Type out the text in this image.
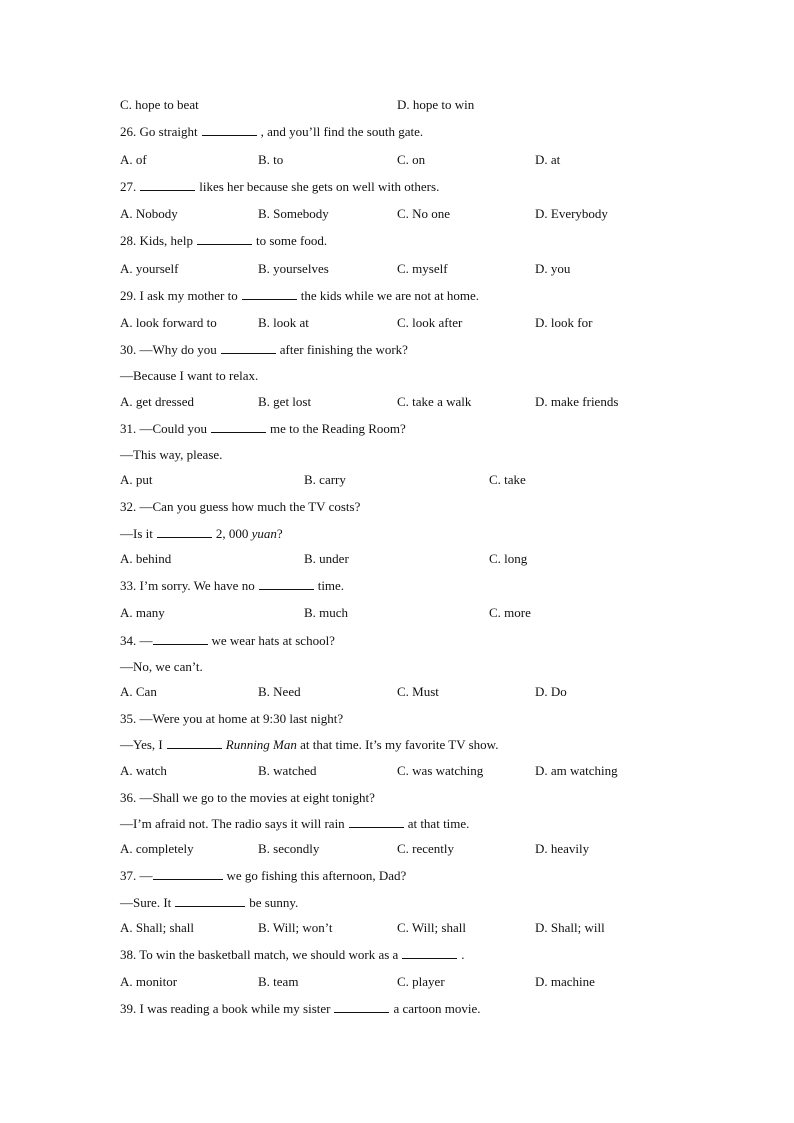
C. hope to beat	D. hope to win
26. Go straight	, and you’ll find the south gate.
A. of	B. to	C. on	D. at
27.	likes her because she gets on well with others.
A. Nobody	B. Somebody	C. No one	D. Everybody
28. Kids, help	to some food.
A. yourself	B. yourselves	C. myself	D. you
29. I ask my mother to	the kids while we are not at home.
A. look forward to	B. look at	C. look after	D. look for
30. —Why do you	after finishing the work?
—Because I want to relax.
A. get dressed	B. get lost	C. take a walk	D. make friends
31. —Could you	me to the Reading Room?
—This way, please.
A. put	B. carry	C. take
32. —Can you guess how much the TV costs?
—Is it	2, 000 yuan?
A. behind	B. under	C. long
33. I’m sorry. We have no	time.
A. many	B. much	C. more
34. —	we wear hats at school?
—No, we can’t.
A. Can	B. Need	C. Must	D. Do
35. —Were you at home at 9:30 last night?
—Yes, I	Running Man at that time. It’s my favorite TV show.
A. watch	B. watched	C. was watching	D. am watching
36. —Shall we go to the movies at eight tonight?
—I’m afraid not. The radio says it will rain	at that time.
A. completely	B. secondly	C. recently	D. heavily
37. —	we go fishing this afternoon, Dad?
—Sure. It	be sunny.
A. Shall; shall	B. Will; won’t	C. Will; shall	D. Shall; will
38. To win the basketball match, we should work as a	.
A. monitor	B. team	C. player	D. machine
39. I was reading a book while my sister	a cartoon movie.
